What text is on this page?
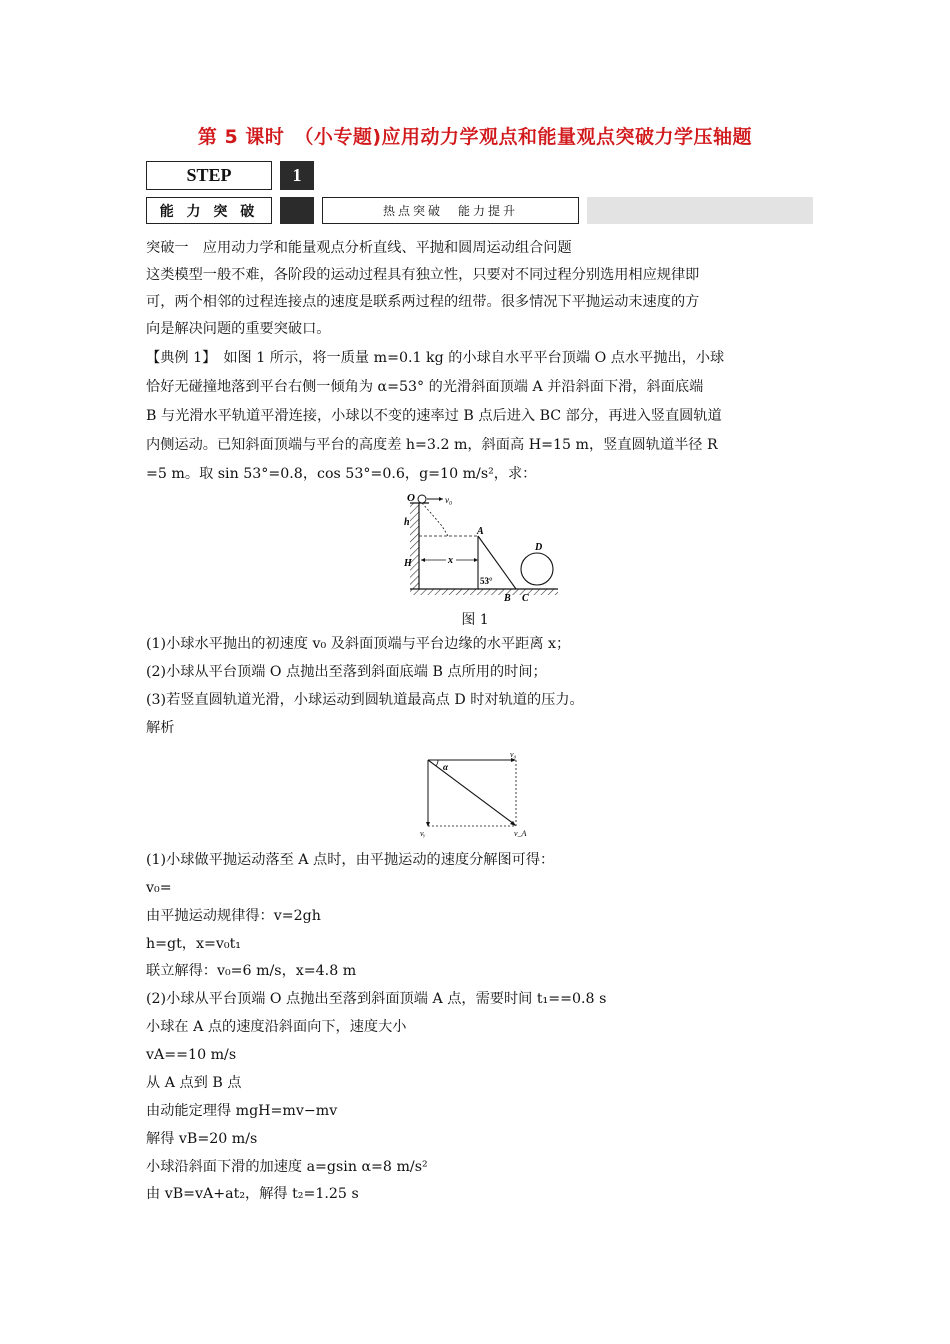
第 5 课时　（小专题)应用动力学观点和能量观点突破力学压轴题
STEP	1
能 力 突 破	热点突破　能力提升
突破一　应用动力学和能量观点分析直线、平抛和圆周运动组合问题
这类模型一般不难，各阶段的运动过程具有独立性，只要对不同过程分别选用相应规律即
可，两个相邻的过程连接点的速度是联系两过程的纽带。很多情况下平抛运动末速度的方
向是解决问题的重要突破口。
【典例 1】　如图 1 所示，将一质量 m=0.1 kg 的小球自水平平台顶端 O 点水平抛出，小球
恰好无碰撞地落到平台右侧一倾角为 α=53° 的光滑斜面顶端 A 并沿斜面下滑，斜面底端
B 与光滑水平轨道平滑连接，小球以不变的速率过 B 点后进入 BC 部分，再进入竖直圆轨道
内侧运动。已知斜面顶端与平台的高度差 h=3.2 m，斜面高 H=15 m，竖直圆轨道半径 R
=5 m。取 sin 53°=0.8，cos 53°=0.6，g=10 m/s²，求：
O	v₀
h
A
x
H
53°
B C
D
图 1
(1)小球水平抛出的初速度 v₀ 及斜面顶端与平台边缘的水平距离 x；
(2)小球从平台顶端 O 点抛出至落到斜面底端 B 点所用的时间；
(3)若竖直圆轨道光滑，小球运动到圆轨道最高点 D 时对轨道的压力。
解析
α
v₀
vᵧ	v_A
(1)小球做平抛运动落至 A 点时，由平抛运动的速度分解图可得：
v₀=
由平抛运动规律得：v=2gh
h=gt，x=v₀t₁
联立解得：v₀=6 m/s，x=4.8 m
(2)小球从平台顶端 O 点抛出至落到斜面顶端 A 点，需要时间 t₁==0.8 s
小球在 A 点的速度沿斜面向下，速度大小
vA==10 m/s
从 A 点到 B 点
由动能定理得 mgH=mv−mv
解得 vB=20 m/s
小球沿斜面下滑的加速度 a=gsin α=8 m/s²
由 vB=vA+at₂，解得 t₂=1.25 s
